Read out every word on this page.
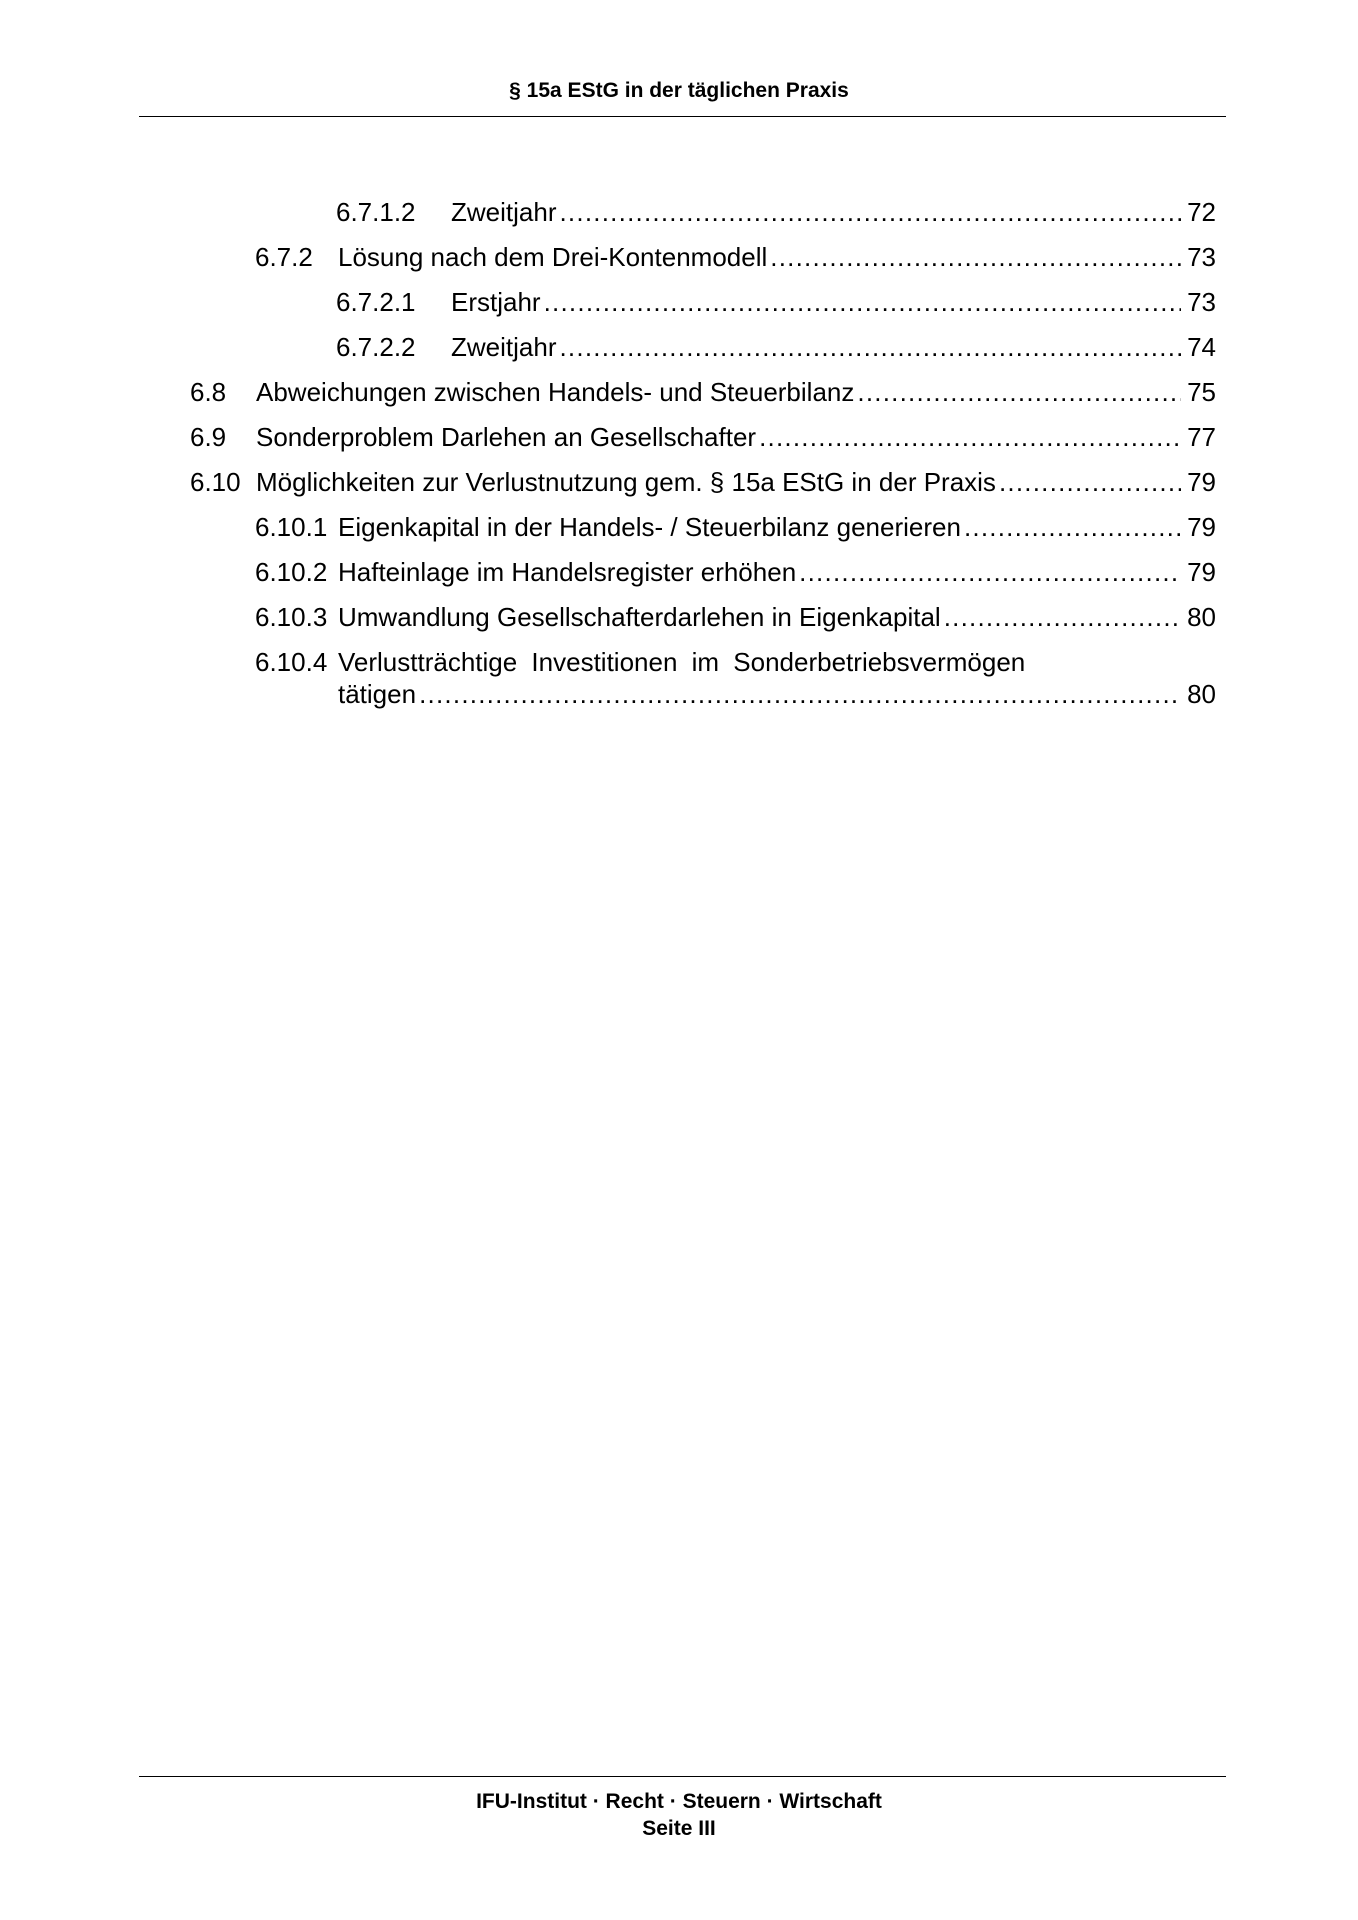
§ 15a EStG in der täglichen Praxis
6.7.1.2 Zweitjahr . . .	72
6.7.2 Lösung nach dem Drei-Kontenmodell . . .	73
6.7.2.1 Erstjahr . . .	73
6.7.2.2 Zweitjahr . . .	74
6.8 Abweichungen zwischen Handels- und Steuerbilanz . . .	75
6.9 Sonderproblem Darlehen an Gesellschafter . . .	77
6.10 Möglichkeiten zur Verlustnutzung gem. § 15a EStG in der Praxis . . .	79
6.10.1 Eigenkapital in der Handels- / Steuerbilanz generieren . . .	79
6.10.2 Hafteinlage im Handelsregister erhöhen . . .	79
6.10.3 Umwandlung Gesellschafterdarlehen in Eigenkapital . . .	80
6.10.4 Verlustträchtige Investitionen im Sonderbetriebsvermögen
tätigen . . .	80
IFU-Institut · Recht · Steuern · Wirtschaft
Seite III
